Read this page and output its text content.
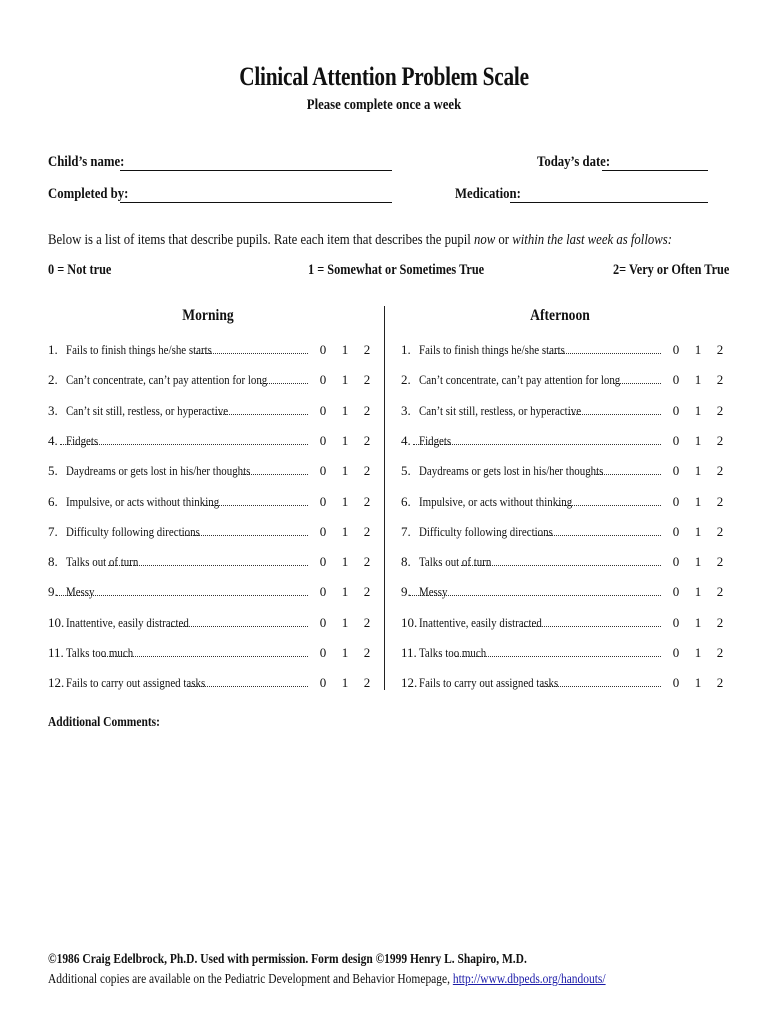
Clinical Attention Problem Scale
Please complete once a week
Child’s name:	Today’s date:
Completed by:	Medication:
Below is a list of items that describe pupils. Rate each item that describes the pupil now or within the last week as follows:
0 = Not true	1 = Somewhat or Sometimes True	2= Very or Often True
Morning	Afternoon
1. Fails to finish things he/she starts	0	1	2
2. Can’t concentrate, can’t pay attention for long	0	1	2
3. Can’t sit still, restless, or hyperactive	0	1	2
4. Fidgets	0	1	2
5. Daydreams or gets lost in his/her thoughts	0	1	2
6. Impulsive, or acts without thinking	0	1	2
7. Difficulty following directions	0	1	2
8. Talks out of turn	0	1	2
9. Messy	0	1	2
10. Inattentive, easily distracted	0	1	2
11. Talks too much	0	1	2
12. Fails to carry out assigned tasks	0	1	2
1. Fails to finish things he/she starts	0	1	2
2. Can’t concentrate, can’t pay attention for long	0	1	2
3. Can’t sit still, restless, or hyperactive	0	1	2
4. Fidgets	0	1	2
5. Daydreams or gets lost in his/her thoughts	0	1	2
6. Impulsive, or acts without thinking	0	1	2
7. Difficulty following directions	0	1	2
8. Talks out of turn	0	1	2
9. Messy	0	1	2
10. Inattentive, easily distracted	0	1	2
11. Talks too much	0	1	2
12. Fails to carry out assigned tasks	0	1	2
Additional Comments:
©1986 Craig Edelbrock, Ph.D. Used with permission. Form design ©1999 Henry L. Shapiro, M.D.
Additional copies are available on the Pediatric Development and Behavior Homepage, http://www.dbpeds.org/handouts/
